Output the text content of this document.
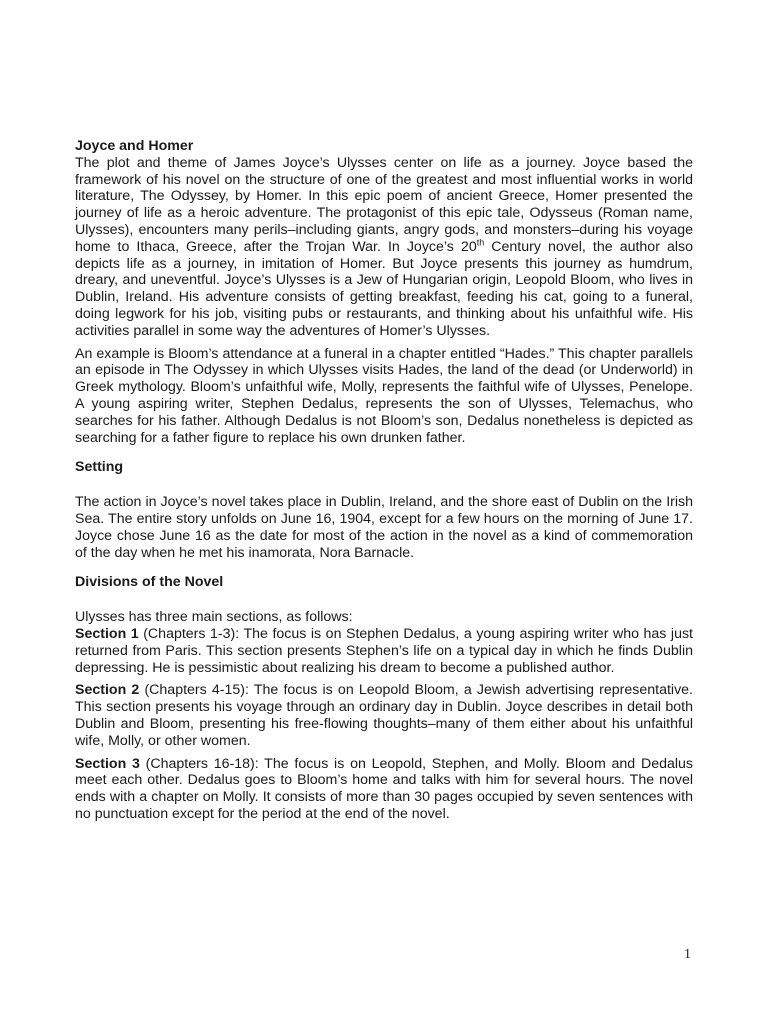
Joyce and Homer

The plot and theme of James Joyce’s Ulysses center on life as a journey. Joyce based the framework of his novel on the structure of one of the greatest and most influential works in world literature, The Odyssey, by Homer. In this epic poem of ancient Greece, Homer presented the journey of life as a heroic adventure. The protagonist of this epic tale, Odysseus (Roman name, Ulysses), encounters many perils–including giants, angry gods, and monsters–during his voyage home to Ithaca, Greece, after the Trojan War. In Joyce’s 20th Century novel, the author also depicts life as a journey, in imitation of Homer. But Joyce presents this journey as humdrum, dreary, and uneventful. Joyce’s Ulysses is a Jew of Hungarian origin, Leopold Bloom, who lives in Dublin, Ireland. His adventure consists of getting breakfast, feeding his cat, going to a funeral, doing legwork for his job, visiting pubs or restaurants, and thinking about his unfaithful wife. His activities parallel in some way the adventures of Homer’s Ulysses.

An example is Bloom’s attendance at a funeral in a chapter entitled “Hades.” This chapter parallels an episode in The Odyssey in which Ulysses visits Hades, the land of the dead (or Underworld) in Greek mythology. Bloom’s unfaithful wife, Molly, represents the faithful wife of Ulysses, Penelope. A young aspiring writer, Stephen Dedalus, represents the son of Ulysses, Telemachus, who searches for his father. Although Dedalus is not Bloom’s son, Dedalus nonetheless is depicted as searching for a father figure to replace his own drunken father.

Setting

The action in Joyce’s novel takes place in Dublin, Ireland, and the shore east of Dublin on the Irish Sea. The entire story unfolds on June 16, 1904, except for a few hours on the morning of June 17. Joyce chose June 16 as the date for most of the action in the novel as a kind of commemoration of the day when he met his inamorata, Nora Barnacle.

Divisions of the Novel

Ulysses has three main sections, as follows:

Section 1 (Chapters 1-3): The focus is on Stephen Dedalus, a young aspiring writer who has just returned from Paris. This section presents Stephen’s life on a typical day in which he finds Dublin depressing. He is pessimistic about realizing his dream to become a published author.

Section 2 (Chapters 4-15): The focus is on Leopold Bloom, a Jewish advertising representative. This section presents his voyage through an ordinary day in Dublin. Joyce describes in detail both Dublin and Bloom, presenting his free-flowing thoughts–many of them either about his unfaithful wife, Molly, or other women.

Section 3 (Chapters 16-18): The focus is on Leopold, Stephen, and Molly. Bloom and Dedalus meet each other. Dedalus goes to Bloom’s home and talks with him for several hours. The novel ends with a chapter on Molly. It consists of more than 30 pages occupied by seven sentences with no punctuation except for the period at the end of the novel.

1
